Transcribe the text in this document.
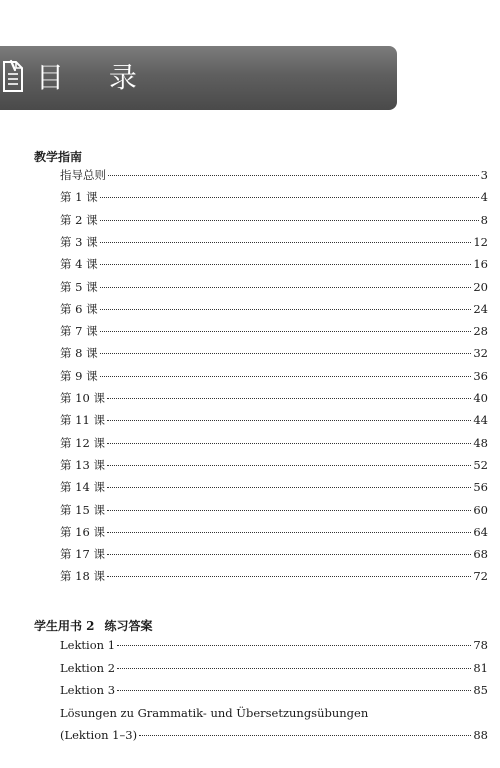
目 录
教学指南
指导总则	3
第 1 课	4
第 2 课	8
第 3 课	12
第 4 课	16
第 5 课	20
第 6 课	24
第 7 课	28
第 8 课	32
第 9 课	36
第 10 课	40
第 11 课	44
第 12 课	48
第 13 课	52
第 14 课	56
第 15 课	60
第 16 课	64
第 17 课	68
第 18 课	72
学生用书 2 练习答案
Lektion 1	78
Lektion 2	81
Lektion 3	85
Lösungen zu Grammatik- und Übersetzungsübungen
(Lektion 1–3)	88
